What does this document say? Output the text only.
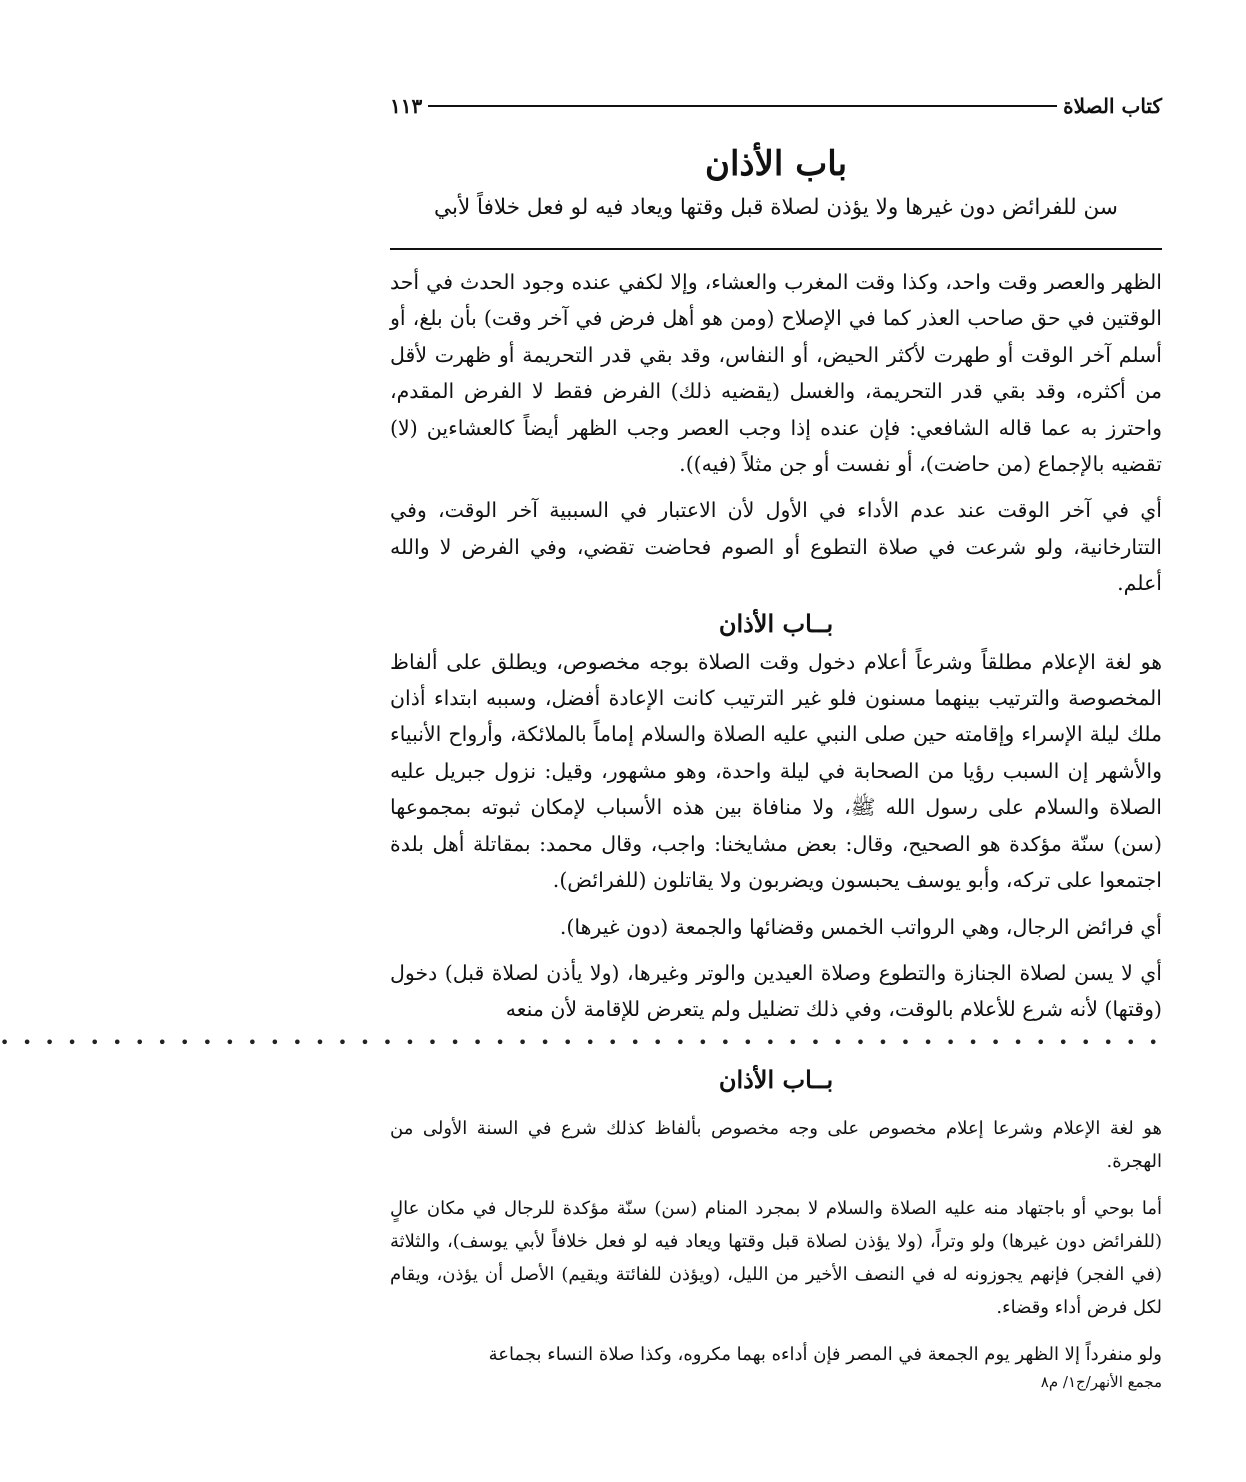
كتاب الصلاة
١١٣
باب الأذان
سن للفرائض دون غيرها ولا يؤذن لصلاة قبل وقتها ويعاد فيه لو فعل خلافاً لأبي

الظهر والعصر وقت واحد، وكذا وقت المغرب والعشاء، وإلا لكفي عنده وجود الحدث في أحد الوقتين في حق صاحب العذر كما في الإصلاح (ومن هو أهل فرض في آخر وقت) بأن بلغ، أو أسلم آخر الوقت أو طهرت لأكثر الحيض، أو النفاس، وقد بقي قدر التحريمة أو ظهرت لأقل من أكثره، وقد بقي قدر التحريمة، والغسل (يقضيه ذلك) الفرض فقط لا الفرض المقدم، واحترز به عما قاله الشافعي: فإن عنده إذا وجب العصر وجب الظهر أيضاً كالعشاءين (لا) تقضيه بالإجماع (من حاضت)، أو نفست أو جن مثلاً (فيه)).

أي في آخر الوقت عند عدم الأداء في الأول لأن الاعتبار في السببية آخر الوقت، وفي التتارخانية، ولو شرعت في صلاة التطوع أو الصوم فحاضت تقضي، وفي الفرض لا والله أعلم.

بــاب الأذان

هو لغة الإعلام مطلقاً وشرعاً أعلام دخول وقت الصلاة بوجه مخصوص، ويطلق على ألفاظ المخصوصة والترتيب بينهما مسنون فلو غير الترتيب كانت الإعادة أفضل، وسببه ابتداء أذان ملك ليلة الإسراء وإقامته حين صلى النبي عليه الصلاة والسلام إماماً بالملائكة، وأرواح الأنبياء والأشهر إن السبب رؤيا من الصحابة في ليلة واحدة، وهو مشهور، وقيل: نزول جبريل عليه الصلاة والسلام على رسول الله ﷺ، ولا منافاة بين هذه الأسباب لإمكان ثبوته بمجموعها (سن) سنّة مؤكدة هو الصحيح، وقال: بعض مشايخنا: واجب، وقال محمد: بمقاتلة أهل بلدة اجتمعوا على تركه، وأبو يوسف يحبسون ويضربون ولا يقاتلون (للفرائض).

أي فرائض الرجال، وهي الرواتب الخمس وقضائها والجمعة (دون غيرها).

أي لا يسن لصلاة الجنازة والتطوع وصلاة العيدين والوتر وغيرها، (ولا يأذن لصلاة قبل) دخول (وقتها) لأنه شرع للأعلام بالوقت، وفي ذلك تضليل ولم يتعرض للإقامة لأن منعه

• • • • • • • • • • • • • • • • • • • • • • • • • • • • • • • • • • • • • • • • • • • • • • • • • • • •
بــاب الأذان

هو لغة الإعلام وشرعا إعلام مخصوص على وجه مخصوص بألفاظ كذلك شرع في السنة الأولى من الهجرة.

أما بوحي أو باجتهاد منه عليه الصلاة والسلام لا بمجرد المنام (سن) سنّة مؤكدة للرجال في مكان عالٍ (للفرائض دون غيرها) ولو وتراً، (ولا يؤذن لصلاة قبل وقتها ويعاد فيه لو فعل خلافاً لأبي يوسف)، والثلاثة (في الفجر) فإنهم يجوزونه له في النصف الأخير من الليل، (ويؤذن للفائتة ويقيم) الأصل أن يؤذن، ويقام لكل فرض أداء وقضاء.

ولو منفرداً إلا الظهر يوم الجمعة في المصر فإن أداءه بهما مكروه، وكذا صلاة النساء بجماعة

مجمع الأنهر/ج١/ م٨
